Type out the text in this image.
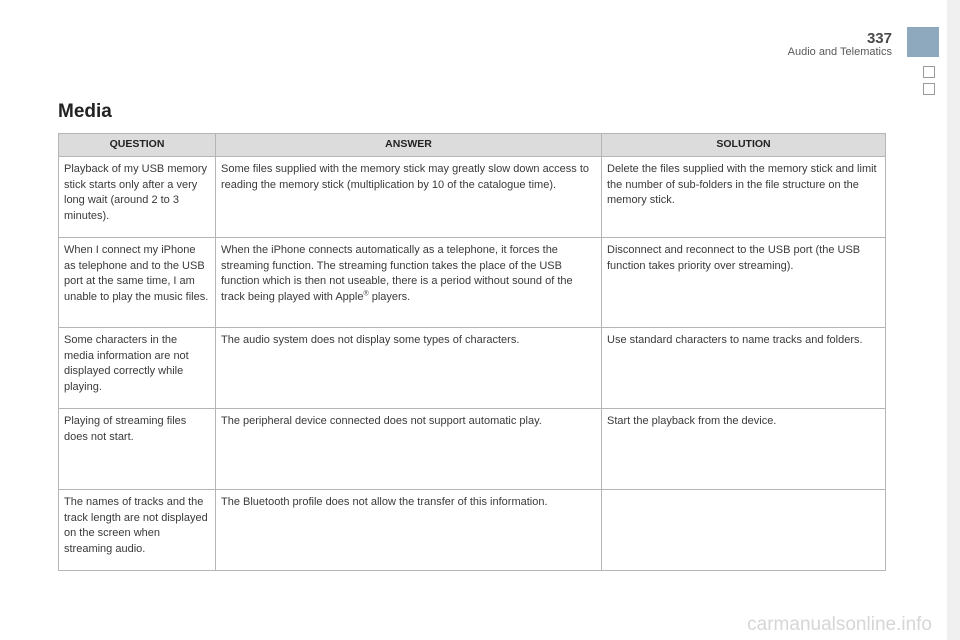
337
Audio and Telematics
Media
QUESTION	ANSWER	SOLUTION
Playback of my USB memory stick starts only after a very long wait (around 2 to 3 minutes).	Some files supplied with the memory stick may greatly slow down access to reading the memory stick (multiplication by 10 of the catalogue time).	Delete the files supplied with the memory stick and limit the number of sub-folders in the file structure on the memory stick.
When I connect my iPhone as telephone and to the USB port at the same time, I am unable to play the music files.	When the iPhone connects automatically as a telephone, it forces the streaming function. The streaming function takes the place of the USB function which is then not useable, there is a period without sound of the track being played with Apple® players.	Disconnect and reconnect to the USB port (the USB function takes priority over streaming).
Some characters in the media information are not displayed correctly while playing.	The audio system does not display some types of characters.	Use standard characters to name tracks and folders.
Playing of streaming files does not start.	The peripheral device connected does not support automatic play.	Start the playback from the device.
The names of tracks and the track length are not displayed on the screen when streaming audio.	The Bluetooth profile does not allow the transfer of this information.	
carmanualsonline.info
